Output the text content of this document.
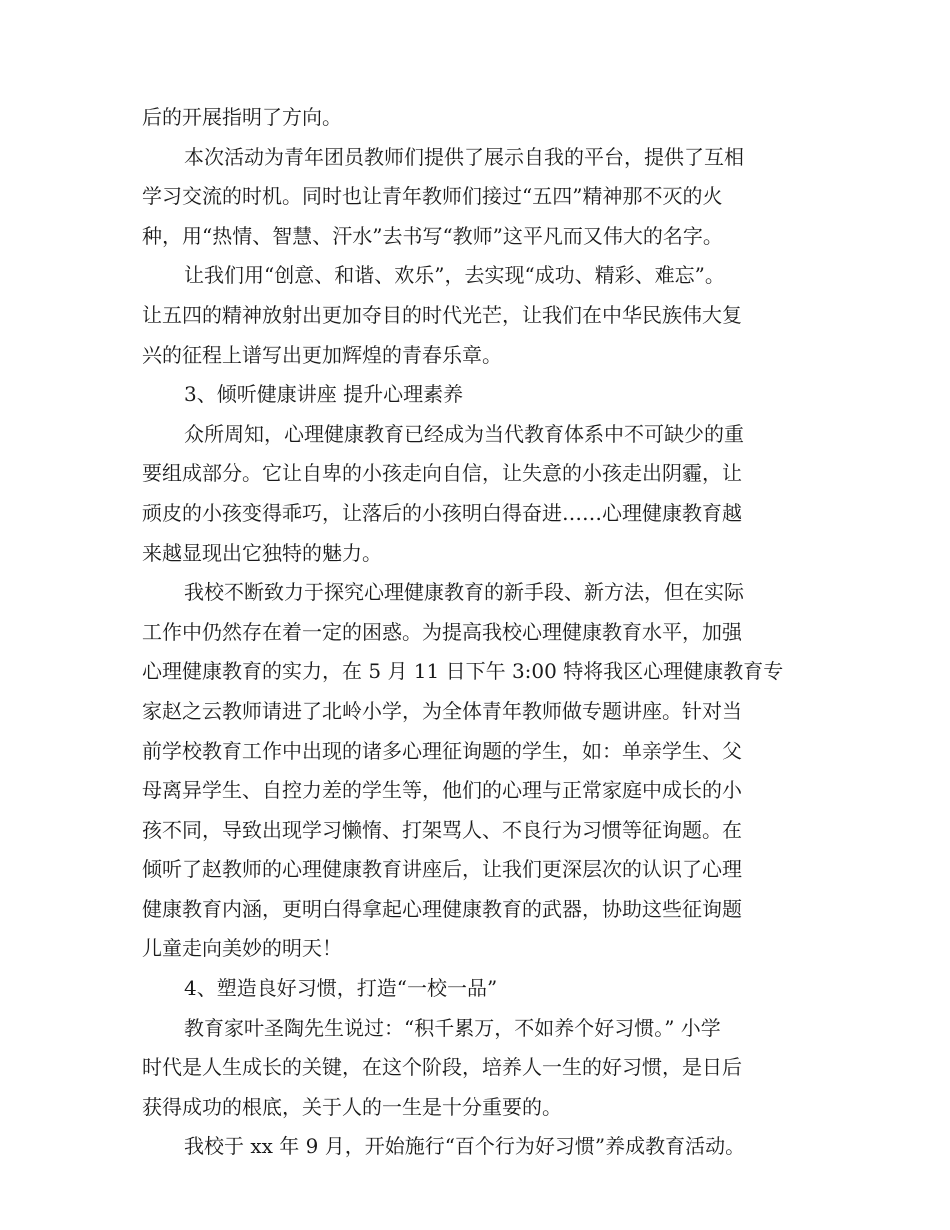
后的开展指明了方向。
本次活动为青年团员教师们提供了展示自我的平台，提供了互相
学习交流的时机。同时也让青年教师们接过“五四”精神那不灭的火
种，用“热情、智慧、汗水”去书写“教师”这平凡而又伟大的名字。
让我们用“创意、和谐、欢乐”，去实现“成功、精彩、难忘”。
让五四的精神放射出更加夺目的时代光芒，让我们在中华民族伟大复
兴的征程上谱写出更加辉煌的青春乐章。
3、倾听健康讲座 提升心理素养
众所周知，心理健康教育已经成为当代教育体系中不可缺少的重
要组成部分。它让自卑的小孩走向自信，让失意的小孩走出阴霾，让
顽皮的小孩变得乖巧，让落后的小孩明白得奋进……心理健康教育越
来越显现出它独特的魅力。
我校不断致力于探究心理健康教育的新手段、新方法，但在实际
工作中仍然存在着一定的困惑。为提高我校心理健康教育水平，加强
心理健康教育的实力，在 5 月 11 日下午 3:00 特将我区心理健康教育专
家赵之云教师请进了北岭小学，为全体青年教师做专题讲座。针对当
前学校教育工作中出现的诸多心理征询题的学生，如：单亲学生、父
母离异学生、自控力差的学生等，他们的心理与正常家庭中成长的小
孩不同，导致出现学习懒惰、打架骂人、不良行为习惯等征询题。在
倾听了赵教师的心理健康教育讲座后，让我们更深层次的认识了心理
健康教育内涵，更明白得拿起心理健康教育的武器，协助这些征询题
儿童走向美妙的明天！
4、塑造良好习惯，打造“一校一品”
教育家叶圣陶先生说过：“积千累万，不如养个好习惯。” 小学
时代是人生成长的关键，在这个阶段，培养人一生的好习惯，是日后
获得成功的根底，关于人的一生是十分重要的。
我校于 xx 年 9 月，开始施行“百个行为好习惯”养成教育活动。
